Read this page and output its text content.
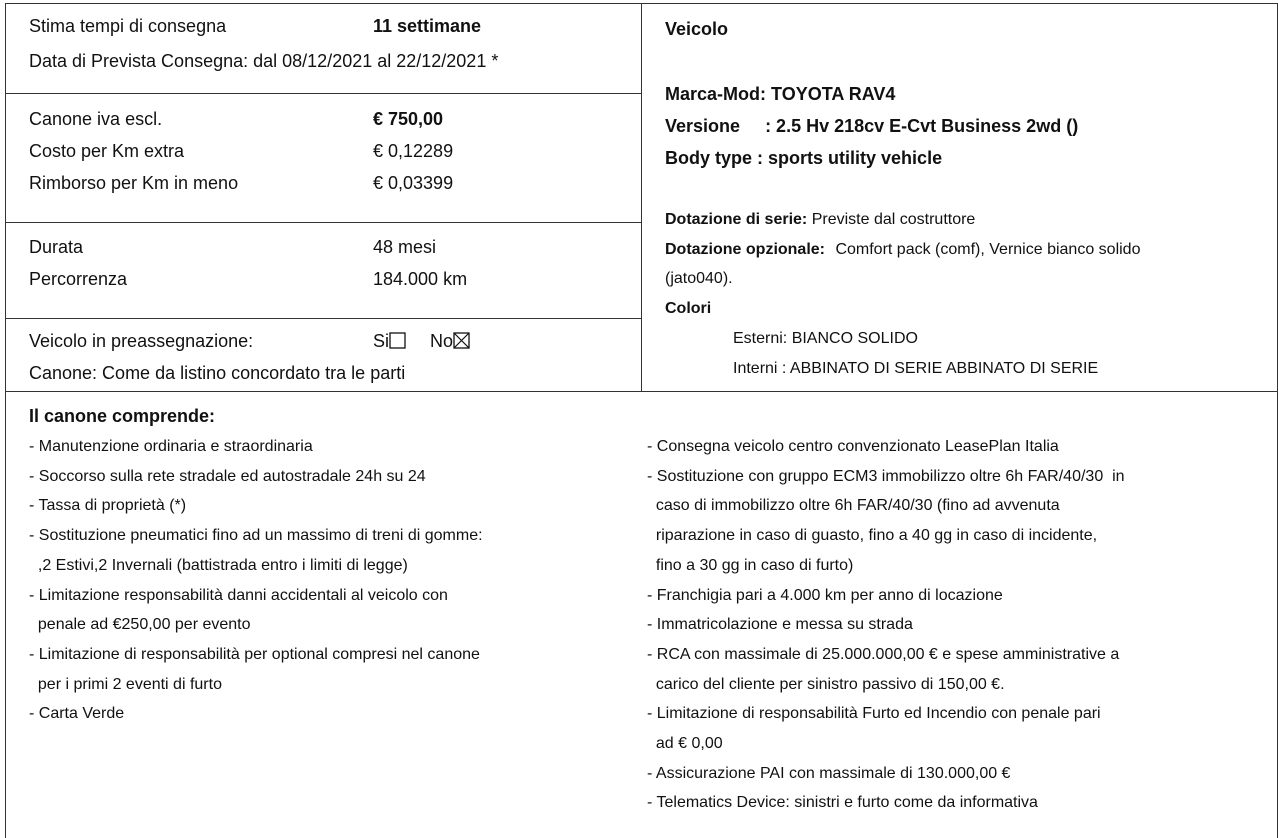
Stima tempi di consegna	11 settimane
Data di Prevista Consegna: dal 08/12/2021 al 22/12/2021 *
Canone iva escl.	€ 750,00
Costo per Km extra	€ 0,12289
Rimborso per Km in meno	€ 0,03399
Durata	48 mesi
Percorrenza	184.000 km
Veicolo in preassegnazione:	Si No
Canone: Come da listino concordato tra le parti
Veicolo
Marca-Mod: TOYOTA RAV4
Versione : 2.5 Hv 218cv E-Cvt Business 2wd ()
Body type : sports utility vehicle
Dotazione di serie: Previste dal costruttore
Dotazione opzionale: Comfort pack (comf), Vernice bianco solido
(jato040).
Colori
Esterni: BIANCO SOLIDO
Interni : ABBINATO DI SERIE ABBINATO DI SERIE
Il canone comprende:
- Manutenzione ordinaria e straordinaria
- Soccorso sulla rete stradale ed autostradale 24h su 24
- Tassa di proprietà (*)
- Sostituzione pneumatici fino ad un massimo di treni di gomme:
,2 Estivi,2 Invernali (battistrada entro i limiti di legge)
- Limitazione responsabilità danni accidentali al veicolo con
penale ad €250,00 per evento
- Limitazione di responsabilità per optional compresi nel canone
per i primi 2 eventi di furto
- Carta Verde
- Consegna veicolo centro convenzionato LeasePlan Italia
- Sostituzione con gruppo ECM3 immobilizzo oltre 6h FAR/40/30  in
caso di immobilizzo oltre 6h FAR/40/30 (fino ad avvenuta
riparazione in caso di guasto, fino a 40 gg in caso di incidente,
fino a 30 gg in caso di furto)
- Franchigia pari a 4.000 km per anno di locazione
- Immatricolazione e messa su strada
- RCA con massimale di 25.000.000,00 € e spese amministrative a
carico del cliente per sinistro passivo di 150,00 €.
- Limitazione di responsabilità Furto ed Incendio con penale pari
ad € 0,00
- Assicurazione PAI con massimale di 130.000,00 €
- Telematics Device: sinistri e furto come da informativa
